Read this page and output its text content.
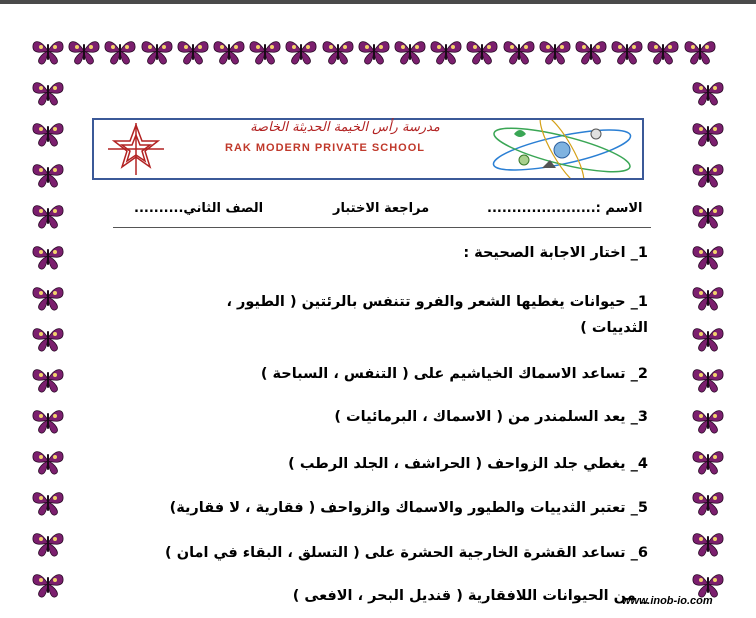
مدرسة رأس الخيمة الحديثة الخاصة
RAK MODERN PRIVATE SCHOOL
الاسم :......................
مراجعة الاختبار
الصف الثاني..........
1_ اختار الاجابة الصحيحة :
1_ حيوانات يغطيها الشعر والفرو تتنفس بالرئتين ( الطيور ،
الثدييات )
2_ تساعد الاسماك الخياشيم على ( التنفس ، السباحة )
3_ يعد السلمندر من ( الاسماك ، البرمائيات )
4_ يغطي جلد الزواحف ( الحراشف ، الجلد الرطب )
5_ تعتبر الثدييات والطيور والاسماك والزواحف ( فقارية ، لا فقارية)
6_ تساعد القشرة الخارجية الحشرة على ( التسلق ، البقاء في امان )
_ من الحيوانات اللافقارية ( قنديل البحر ، الافعى )
www.inob-io.com
